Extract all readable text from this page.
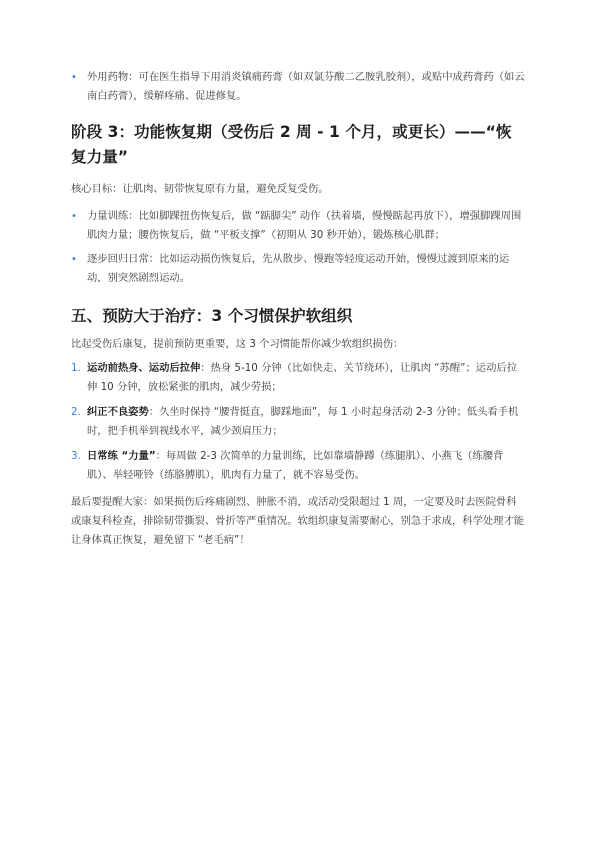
• 外用药物：可在医生指导下用消炎镇痛药膏（如双氯芬酸二乙胺乳胶剂），或贴中成药膏药（如云南白药膏），缓解疼痛、促进修复。
阶段 3：功能恢复期（受伤后 2 周 - 1 个月，或更长）——“恢复力量”

核心目标：让肌肉、韧带恢复原有力量，避免反复受伤。

• 力量训练：比如脚踝扭伤恢复后，做 “踮脚尖” 动作（扶着墙，慢慢踮起再放下），增强脚踝周围肌肉力量；腰伤恢复后，做 “平板支撑”（初期从 30 秒开始），锻炼核心肌群；
• 逐步回归日常：比如运动损伤恢复后，先从散步、慢跑等轻度运动开始，慢慢过渡到原来的运动，别突然剧烈运动。
五、预防大于治疗：3 个习惯保护软组织

比起受伤后康复，提前预防更重要，这 3 个习惯能帮你减少软组织损伤：

1. 运动前热身、运动后拉伸：热身 5-10 分钟（比如快走、关节绕环），让肌肉 “苏醒”；运动后拉伸 10 分钟，放松紧张的肌肉，减少劳损；
2. 纠正不良姿势：久坐时保持 “腰背挺直，脚踩地面”，每 1 小时起身活动 2-3 分钟；低头看手机时，把手机举到视线水平，减少颈肩压力；
3. 日常练 “力量”：每周做 2-3 次简单的力量训练，比如靠墙静蹲（练腿肌）、小燕飞（练腰背肌）、举轻哑铃（练胳膊肌），肌肉有力量了，就不容易受伤。

最后要提醒大家：如果损伤后疼痛剧烈、肿胀不消，或活动受限超过 1 周，一定要及时去医院骨科或康复科检查，排除韧带撕裂、骨折等严重情况。软组织康复需要耐心，别急于求成，科学处理才能让身体真正恢复，避免留下 “老毛病”！
